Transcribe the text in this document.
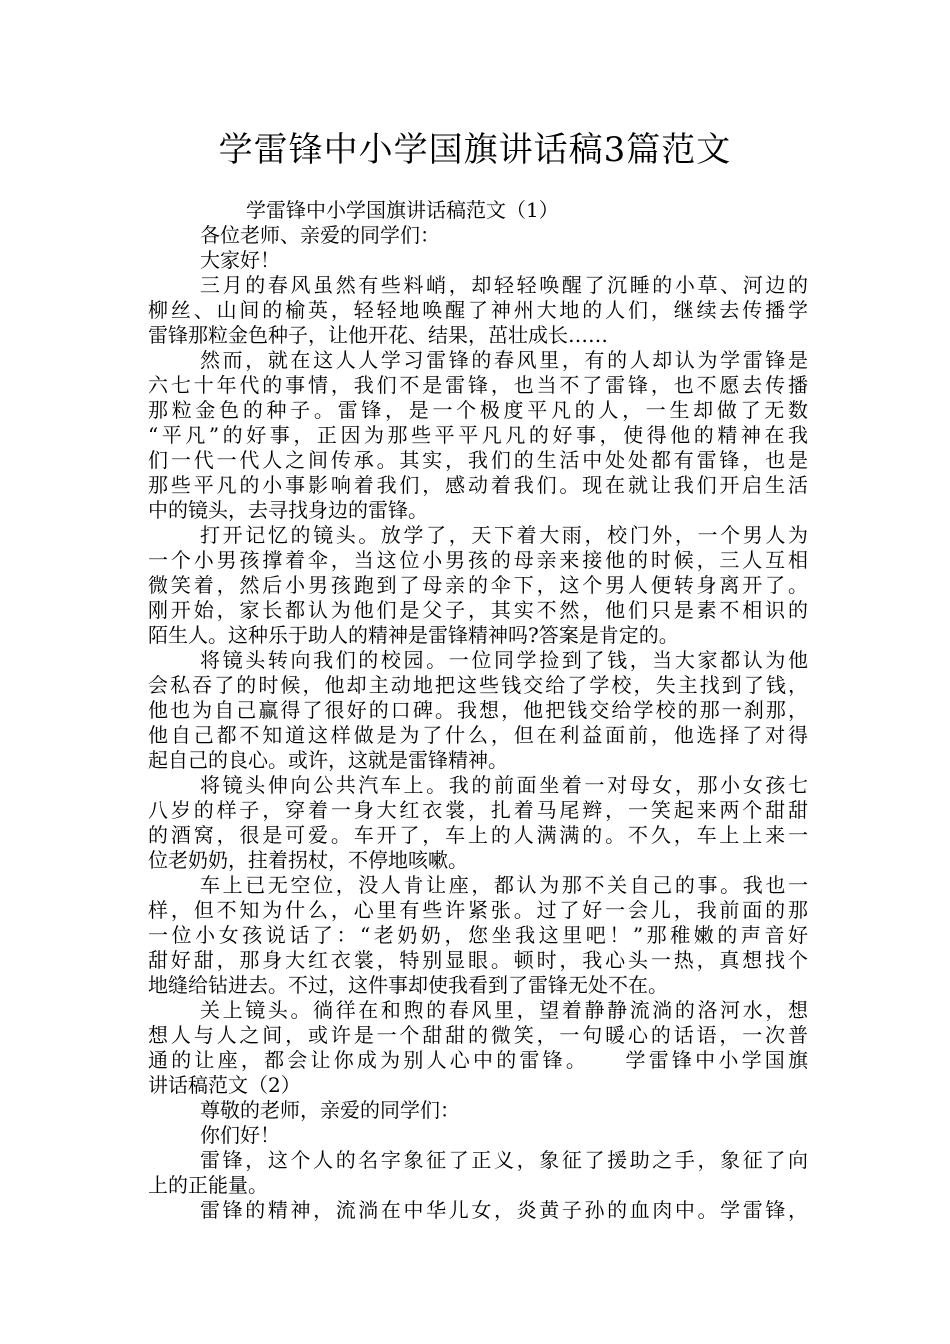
学雷锋中小学国旗讲话稿3篇范文
学雷锋中小学国旗讲话稿范文（1）
各位老师、亲爱的同学们：
大家好！
三月的春风虽然有些料峭，却轻轻唤醒了沉睡的小草、河边的
柳丝、山间的榆英，轻轻地唤醒了神州大地的人们，继续去传播学
雷锋那粒金色种子，让他开花、结果，茁壮成长……
然而，就在这人人学习雷锋的春风里，有的人却认为学雷锋是
六七十年代的事情，我们不是雷锋，也当不了雷锋，也不愿去传播
那粒金色的种子。雷锋，是一个极度平凡的人，一生却做了无数
“平凡”的好事，正因为那些平平凡凡的好事，使得他的精神在我
们一代一代人之间传承。其实，我们的生活中处处都有雷锋，也是
那些平凡的小事影响着我们，感动着我们。现在就让我们开启生活
中的镜头，去寻找身边的雷锋。
打开记忆的镜头。放学了，天下着大雨，校门外，一个男人为
一个小男孩撑着伞，当这位小男孩的母亲来接他的时候，三人互相
微笑着，然后小男孩跑到了母亲的伞下，这个男人便转身离开了。
刚开始，家长都认为他们是父子，其实不然，他们只是素不相识的
陌生人。这种乐于助人的精神是雷锋精神吗?答案是肯定的。
将镜头转向我们的校园。一位同学捡到了钱，当大家都认为他
会私吞了的时候，他却主动地把这些钱交给了学校，失主找到了钱，
他也为自己赢得了很好的口碑。我想，他把钱交给学校的那一刹那，
他自己都不知道这样做是为了什么，但在利益面前，他选择了对得
起自己的良心。或许，这就是雷锋精神。
将镜头伸向公共汽车上。我的前面坐着一对母女，那小女孩七
八岁的样子，穿着一身大红衣裳，扎着马尾辫，一笑起来两个甜甜
的酒窝，很是可爱。车开了，车上的人满满的。不久，车上上来一
位老奶奶，拄着拐杖，不停地咳嗽。
车上已无空位，没人肯让座，都认为那不关自己的事。我也一
样，但不知为什么，心里有些许紧张。过了好一会儿，我前面的那
一位小女孩说话了：“老奶奶，您坐我这里吧！”那稚嫩的声音好
甜好甜，那身大红衣裳，特别显眼。顿时，我心头一热，真想找个
地缝给钻进去。不过，这件事却使我看到了雷锋无处不在。
关上镜头。徜徉在和煦的春风里，望着静静流淌的洛河水，想
想人与人之间，或许是一个甜甜的微笑，一句暖心的话语，一次普
通的让座，都会让你成为别人心中的雷锋。　　学雷锋中小学国旗
讲话稿范文（2）
尊敬的老师，亲爱的同学们：
你们好！
雷锋，这个人的名字象征了正义，象征了援助之手，象征了向
上的正能量。
雷锋的精神，流淌在中华儿女，炎黄子孙的血肉中。学雷锋，
